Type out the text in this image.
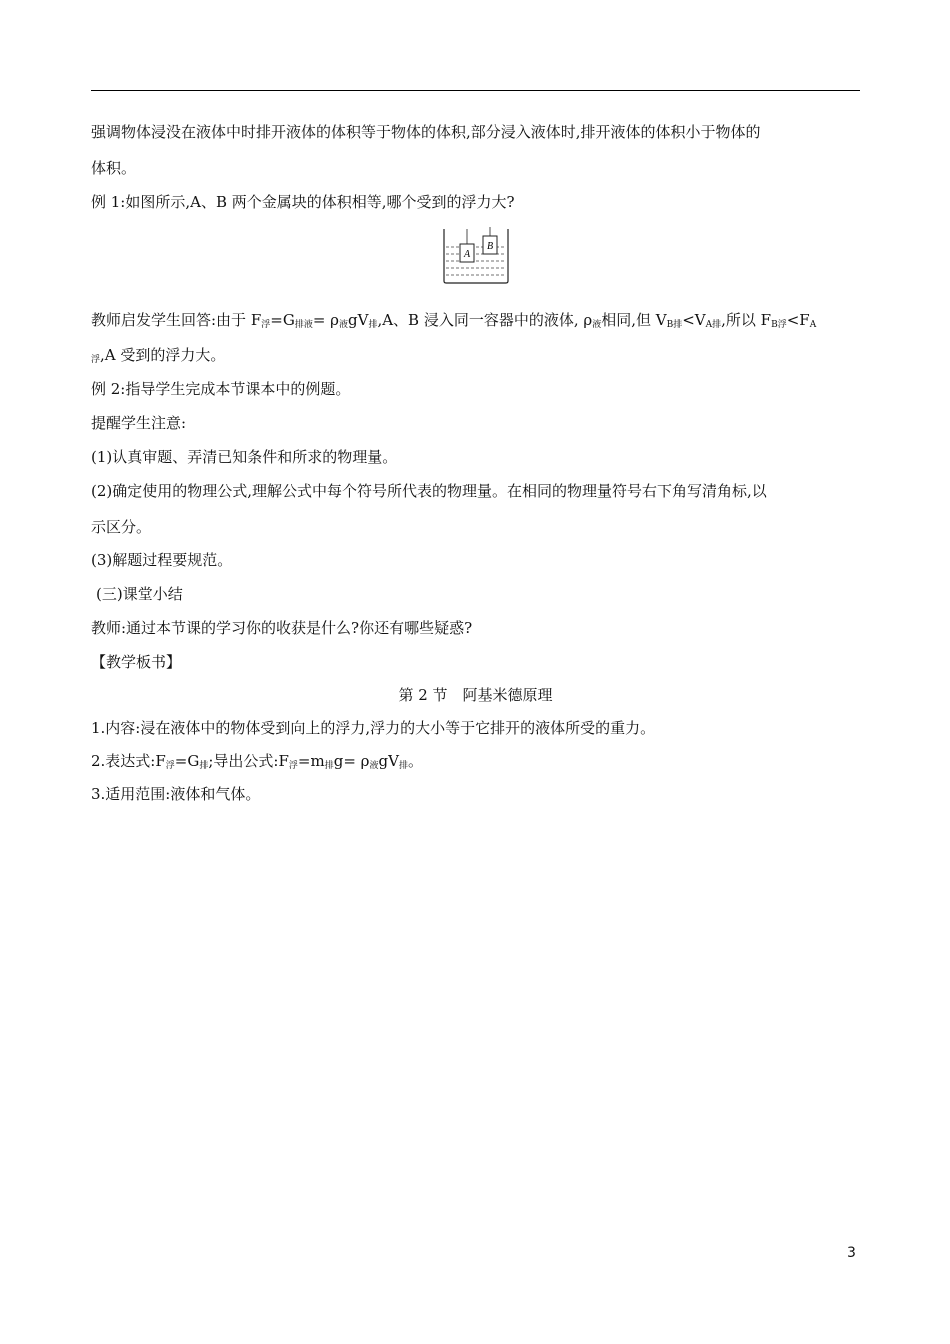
强调物体浸没在液体中时排开液体的体积等于物体的体积,部分浸入液体时,排开液体的体积小于物体的
体积。
例 1:如图所示,A、B 两个金属块的体积相等,哪个受到的浮力大?
A
B
教师启发学生回答:由于 $F_浮=G_{排液}= \rho_液gV_排,A$、B 浸入同一容器中的液体, $\rho_液$相同,但 $V_{B排}<V_{A排}$,所以 $F_{B浮}<F_A$
$_浮$,A 受到的浮力大。
例 2:指导学生完成本节课本中的例题。
提醒学生注意:
(1)认真审题、弄清已知条件和所求的物理量。
(2)确定使用的物理公式,理解公式中每个符号所代表的物理量。在相同的物理量符号右下角写清角标,以
示区分。
(3)解题过程要规范。
(三)课堂小结
教师:通过本节课的学习你的收获是什么?你还有哪些疑惑?
【教学板书】
第 2 节　阿基米德原理
1.内容:浸在液体中的物体受到向上的浮力,浮力的大小等于它排开的液体所受的重力。
2.表达式$:F_浮=G_排$;导出公式$:F_浮=m_排g= \rho_液gV_排$。
3.适用范围:液体和气体。
3
